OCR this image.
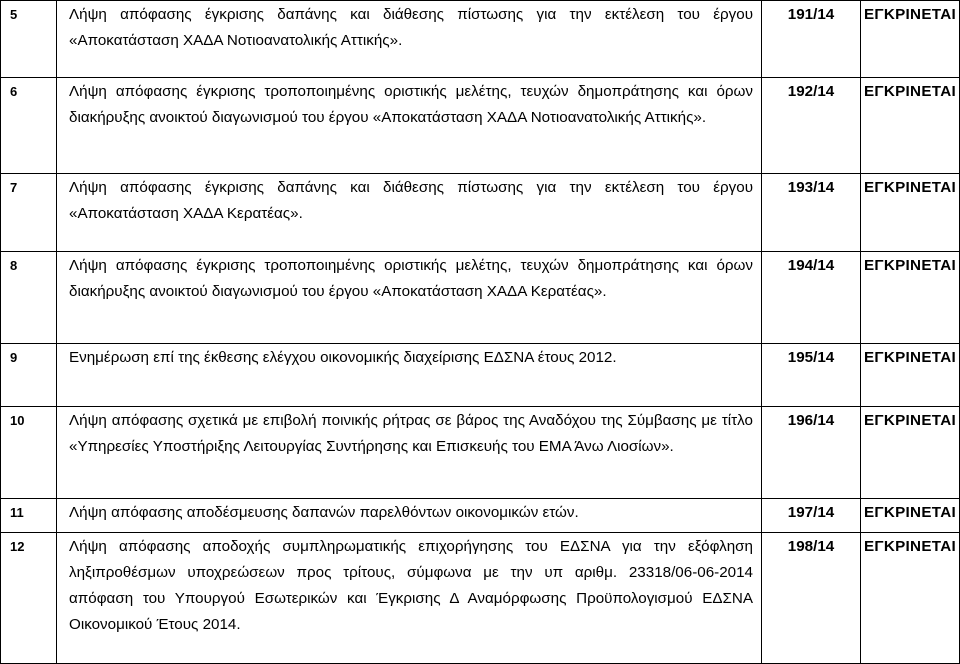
5	Λήψη απόφασης έγκρισης δαπάνης και διάθεσης πίστωσης για την εκτέλεση του έργου «Αποκατάσταση ΧΑΔΑ Νοτιοανατολικής Αττικής».	191/14	ΕΓΚΡΙΝΕΤΑΙ
6	Λήψη απόφασης έγκρισης τροποποιημένης οριστικής μελέτης, τευχών δημοπράτησης και όρων διακήρυξης ανοικτού διαγωνισμού του έργου «Αποκατάσταση ΧΑΔΑ Νοτιοανατολικής Αττικής».	192/14	ΕΓΚΡΙΝΕΤΑΙ
7	Λήψη απόφασης έγκρισης δαπάνης και διάθεσης πίστωσης για την εκτέλεση του έργου «Αποκατάσταση ΧΑΔΑ Κερατέας».	193/14	ΕΓΚΡΙΝΕΤΑΙ
8	Λήψη απόφασης έγκρισης τροποποιημένης οριστικής μελέτης, τευχών δημοπράτησης και όρων διακήρυξης ανοικτού διαγωνισμού του έργου «Αποκατάσταση ΧΑΔΑ Κερατέας».	194/14	ΕΓΚΡΙΝΕΤΑΙ
9	Ενημέρωση επί της έκθεσης ελέγχου οικονομικής διαχείρισης ΕΔΣΝΑ έτους 2012.	195/14	ΕΓΚΡΙΝΕΤΑΙ
10	Λήψη απόφασης σχετικά με επιβολή ποινικής ρήτρας σε βάρος της Αναδόχου της Σύμβασης με τίτλο «Υπηρεσίες Υποστήριξης Λειτουργίας Συντήρησης και Επισκευής του ΕΜΑ Άνω Λιοσίων».	196/14	ΕΓΚΡΙΝΕΤΑΙ
11	Λήψη απόφασης αποδέσμευσης δαπανών παρελθόντων οικονομικών ετών.	197/14	ΕΓΚΡΙΝΕΤΑΙ
12	Λήψη απόφασης αποδοχής συμπληρωματικής επιχορήγησης του ΕΔΣΝΑ για την εξόφληση ληξιπροθέσμων υποχρεώσεων προς τρίτους, σύμφωνα με την υπ αριθμ. 23318/06-06-2014 απόφαση του Υπουργού Εσωτερικών και Έγκρισης Δ Αναμόρφωσης Προϋπολογισμού ΕΔΣΝΑ Οικονομικού Έτους 2014.	198/14	ΕΓΚΡΙΝΕΤΑΙ
